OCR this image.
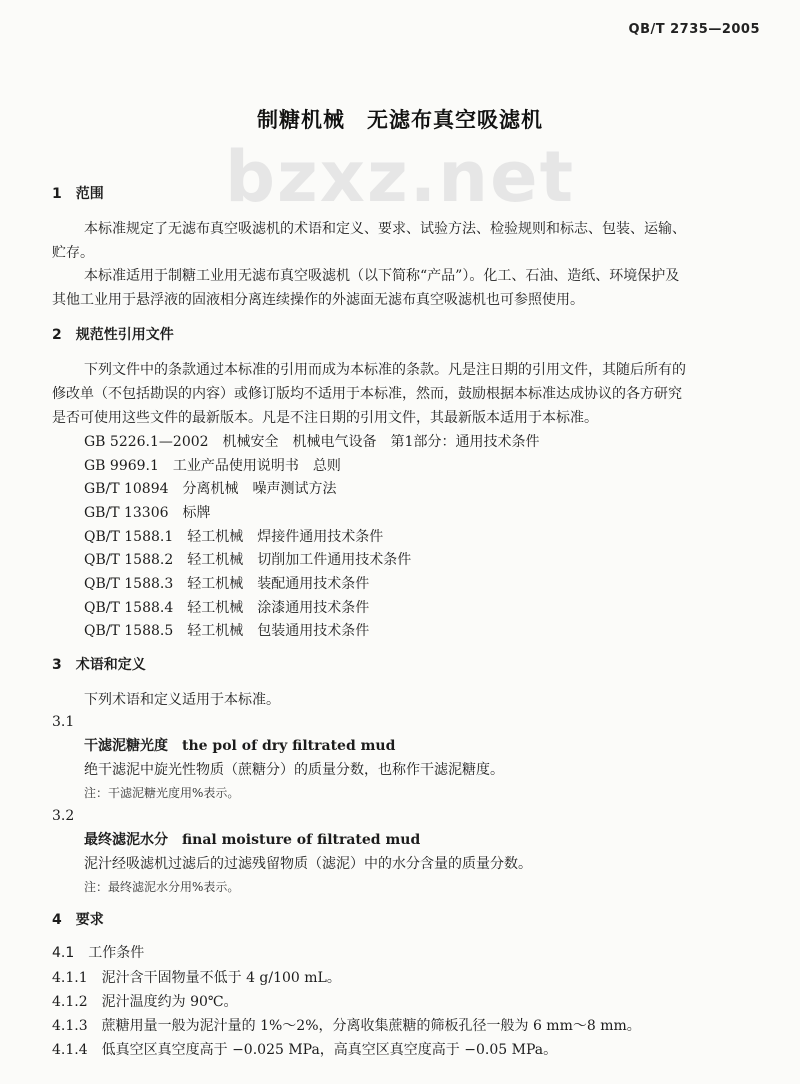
QB/T 2735—2005
制糖机械　无滤布真空吸滤机
bzxz.net
1　 范围
本标准规定了无滤布真空吸滤机的术语和定义、要求、试验方法、检验规则和标志、包装、运输、
贮存。
本标准适用于制糖工业用无滤布真空吸滤机（以下简称“产品”）。化工、石油、造纸、环境保护及
其他工业用于悬浮液的固液相分离连续操作的外滤面无滤布真空吸滤机也可参照使用。
2　 规范性引用文件
下列文件中的条款通过本标准的引用而成为本标准的条款。凡是注日期的引用文件，其随后所有的
修改单（不包括勘误的内容）或修订版均不适用于本标准，然而，鼓励根据本标准达成协议的各方研究
是否可使用这些文件的最新版本。凡是不注日期的引用文件，其最新版本适用于本标准。
GB 5226.1—2002　机械安全　机械电气设备　第1部分：通用技术条件
GB 9969.1　工业产品使用说明书　总则
GB/T 10894　分离机械　噪声测试方法
GB/T 13306　标牌
QB/T 1588.1　轻工机械　焊接件通用技术条件
QB/T 1588.2　轻工机械　切削加工件通用技术条件
QB/T 1588.3　轻工机械　装配通用技术条件
QB/T 1588.4　轻工机械　涂漆通用技术条件
QB/T 1588.5　轻工机械　包装通用技术条件
3　 术语和定义
下列术语和定义适用于本标准。
3.1
干滤泥糖光度　the pol of dry filtrated mud
绝干滤泥中旋光性物质（蔗糖分）的质量分数，也称作干滤泥糖度。
注：干滤泥糖光度用%表示。
3.2
最终滤泥水分　final moisture of filtrated mud
泥汁经吸滤机过滤后的过滤残留物质（滤泥）中的水分含量的质量分数。
注：最终滤泥水分用%表示。
4　 要求
4.1　 工作条件
4.1.1　 泥汁含干固物量不低于 4 g/100 mL。
4.1.2　 泥汁温度约为 90℃。
4.1.3　 蔗糖用量一般为泥汁量的 1%～2%，分离收集蔗糖的筛板孔径一般为 6 mm～8 mm。
4.1.4　 低真空区真空度高于 −0.025 MPa，高真空区真空度高于 −0.05 MPa。
